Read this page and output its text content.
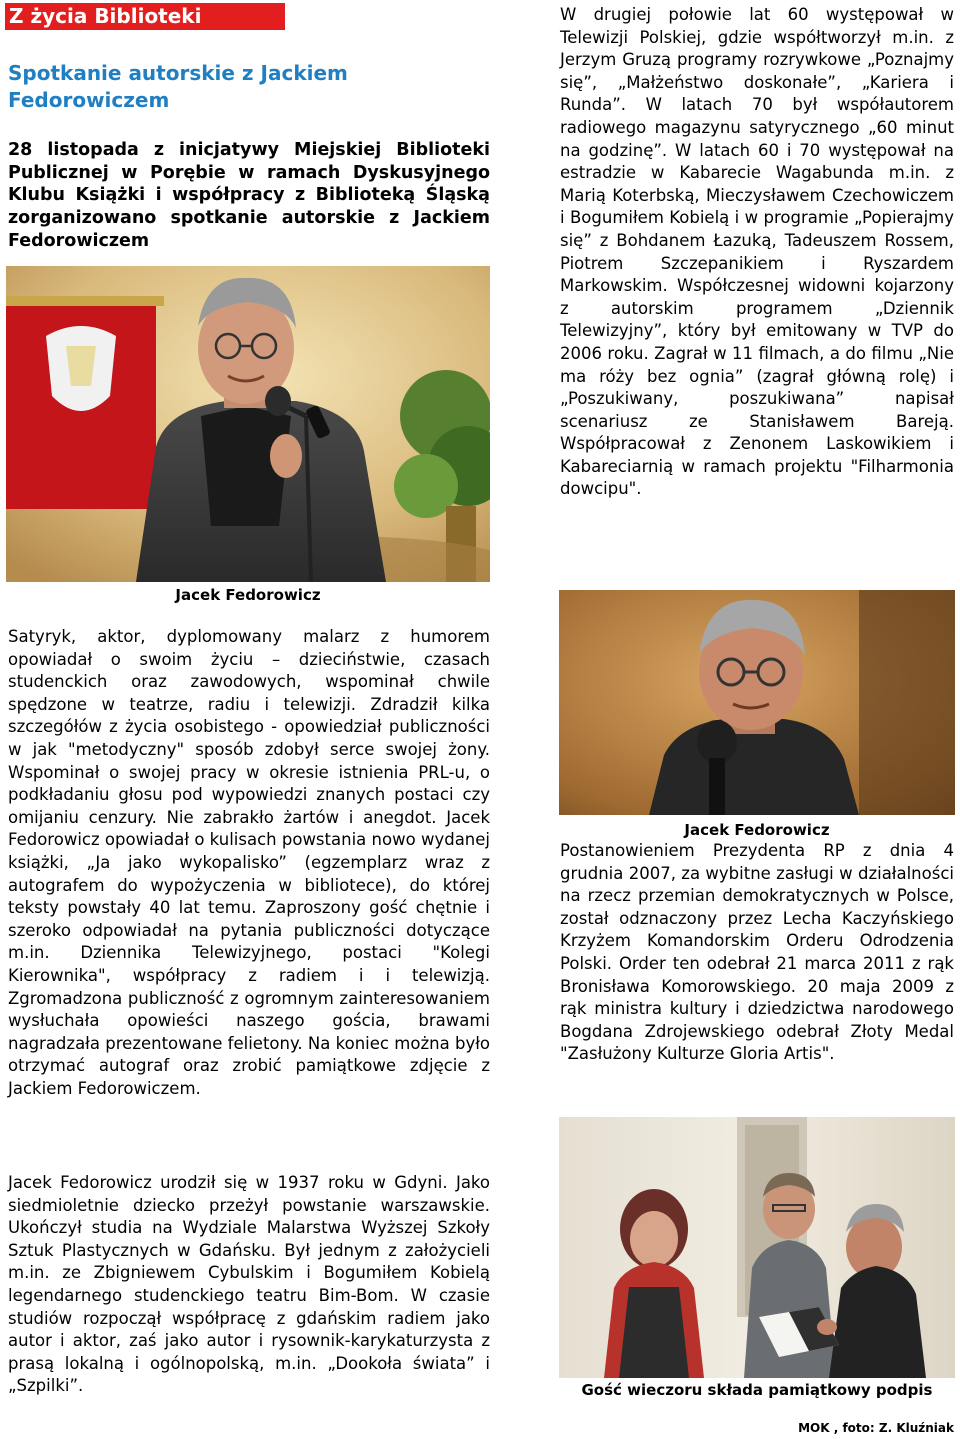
Z życia Biblioteki
Spotkanie autorskie z Jackiem Fedorowiczem

28 listopada z inicjatywy Miejskiej Biblioteki Publicznej w Porębie w ramach Dyskusyjnego Klubu Książki i współpracy z Biblioteką Śląską zorganizowano spotkanie autorskie z Jackiem Fedorowiczem

Jacek Fedorowicz

Satyryk, aktor, dyplomowany malarz z humorem opowiadał o swoim życiu – dzieciństwie, czasach studenckich oraz zawodowych, wspominał chwile spędzone w teatrze, radiu i telewizji. Zdradził kilka szczegółów z życia osobistego - opowiedział publiczności w jak "metodyczny" sposób zdobył serce swojej żony. Wspominał o swojej pracy w okresie istnienia PRL-u, o podkładaniu głosu pod wypowiedzi znanych postaci czy omijaniu cenzury. Nie zabrakło żartów i anegdot. Jacek Fedorowicz opowiadał o kulisach powstania nowo wydanej książki, „Ja jako wykopalisko” (egzemplarz wraz z autografem do wypożyczenia w bibliotece), do której teksty powstały 40 lat temu. Zaproszony gość chętnie i szeroko odpowiadał na pytania publiczności dotyczące m.in. Dziennika Telewizyjnego, postaci "Kolegi Kierownika", współpracy z radiem i i telewizją. Zgromadzona publiczność z ogromnym zainteresowaniem wysłuchała opowieści naszego gościa, brawami nagradzała prezentowane felietony. Na koniec można było otrzymać autograf oraz zrobić pamiątkowe zdjęcie z Jackiem Fedorowiczem.

Jacek Fedorowicz urodził się w 1937 roku w Gdyni. Jako siedmioletnie dziecko przeżył powstanie warszawskie. Ukończył studia na Wydziale Malarstwa Wyższej Szkoły Sztuk Plastycznych w Gdańsku. Był jednym z założycieli m.in. ze Zbigniewem Cybulskim i Bogumiłem Kobielą legendarnego studenckiego teatru Bim-Bom. W czasie studiów rozpoczął współpracę z gdańskim radiem jako autor i aktor, zaś jako autor i rysownik-karykaturzysta z prasą lokalną i ogólnopolską, m.in. „Dookoła świata” i „Szpilki”.

W drugiej połowie lat 60 występował w Telewizji Polskiej, gdzie współtworzył m.in. z Jerzym Gruzą programy rozrywkowe „Poznajmy się”, „Małżeństwo doskonałe”, „Kariera i Runda”. W latach 70 był współautorem radiowego magazynu satyrycznego „60 minut na godzinę”. W latach 60 i 70 występował na estradzie w Kabarecie Wagabunda m.in. z Marią Koterbską, Mieczysławem Czechowiczem i Bogumiłem Kobielą i w programie „Popierajmy się” z Bohdanem Łazuką, Tadeuszem Rossem, Piotrem Szczepanikiem i Ryszardem Markowskim. Współczesnej widowni kojarzony z autorskim programem „Dziennik Telewizyjny”, który był emitowany w TVP do 2006 roku. Zagrał w 11 filmach, a do filmu „Nie ma róży bez ognia” (zagrał główną rolę) i „Poszukiwany, poszukiwana” napisał scenariusz ze Stanisławem Bareją. Współpracował z Zenonem Laskowikiem i Kabareciarnią w ramach projektu "Filharmonia dowcipu".

Jacek Fedorowicz

Postanowieniem Prezydenta RP z dnia 4 grudnia 2007, za wybitne zasługi w działalności na rzecz przemian demokratycznych w Polsce, został odznaczony przez Lecha Kaczyńskiego Krzyżem Komandorskim Orderu Odrodzenia Polski. Order ten odebrał 21 marca 2011 z rąk Bronisława Komorowskiego. 20 maja 2009 z rąk ministra kultury i dziedzictwa narodowego Bogdana Zdrojewskiego odebrał Złoty Medal "Zasłużony Kulturze Gloria Artis".

Gość wieczoru składa pamiątkowy podpis
MOK , foto: Z. Kluźniak
